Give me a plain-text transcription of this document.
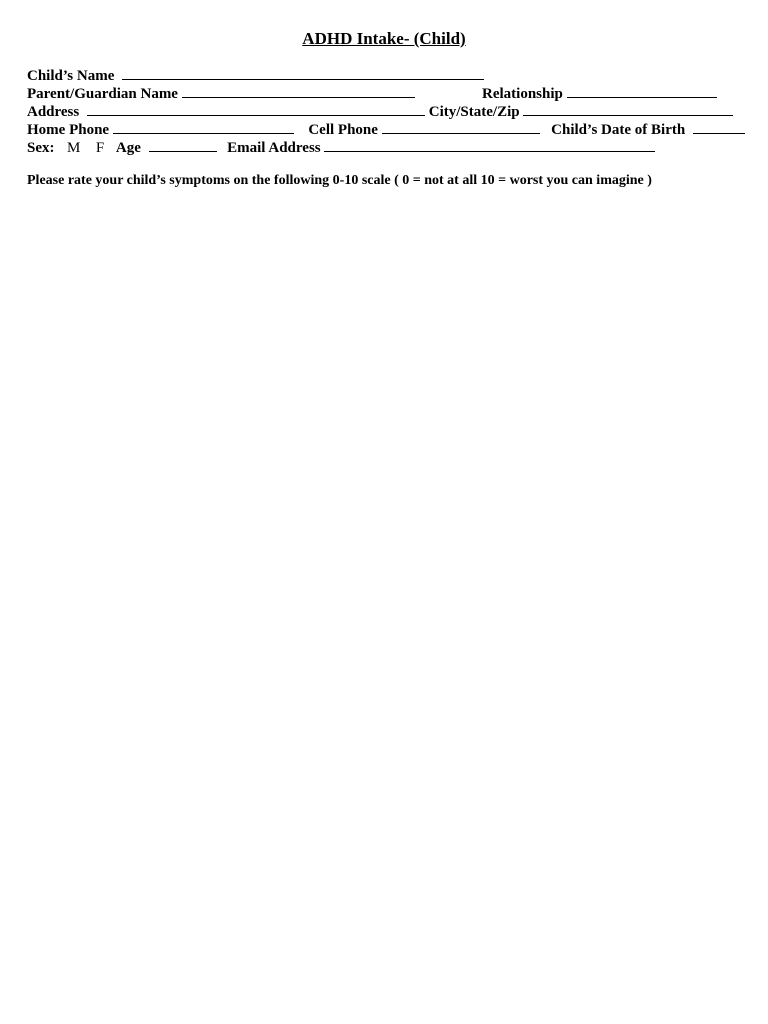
ADHD Intake- (Child)
Child’s Name
Parent/Guardian Name	Relationship
Address	City/State/Zip
Home Phone	Cell Phone	Child’s Date of Birth
Sex: M F Age	Email Address
Please rate your child’s symptoms on the following 0-10 scale ( 0 = not at all 10 = worst you can imagine )
